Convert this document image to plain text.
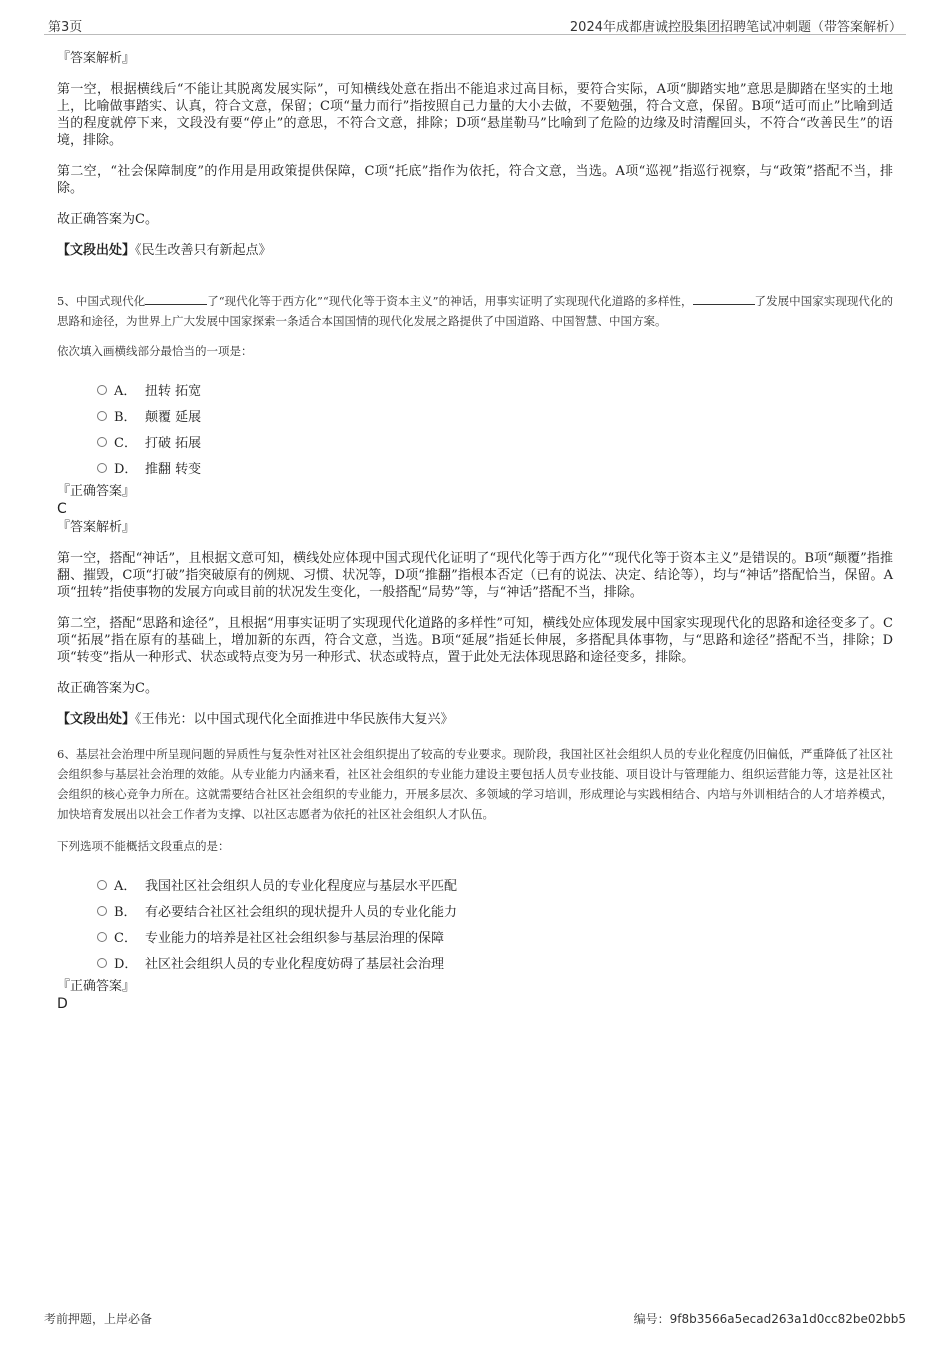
第3页	2024年成都唐诚控股集团招聘笔试冲刺题（带答案解析）

『答案解析』

第一空，根据横线后“不能让其脱离发展实际”，可知横线处意在指出不能追求过高目标，要符合实际，A项“脚踏实地”意思是脚踏在坚实的土地上，比喻做事踏实、认真，符合文意，保留；C项“量力而行”指按照自己力量的大小去做，不要勉强，符合文意，保留。B项“适可而止”比喻到适当的程度就停下来，文段没有要“停止”的意思，不符合文意，排除；D项“悬崖勒马”比喻到了危险的边缘及时清醒回头，不符合“改善民生”的语境，排除。

第二空，“社会保障制度”的作用是用政策提供保障，C项“托底”指作为依托，符合文意，当选。A项“巡视”指巡行视察，与“政策”搭配不当，排除。

故正确答案为C。

【文段出处】《民生改善只有新起点》

5、中国式现代化	了“现代化等于西方化”“现代化等于资本主义”的神话，用事实证明了实现现代化道路的多样性，	了发展中国家实现现代化的思路和途径，为世界上广大发展中国家探索一条适合本国国情的现代化发展之路提供了中国道路、中国智慧、中国方案。

依次填入画横线部分最恰当的一项是：

A． 扭转 拓宽
B． 颠覆 延展
C． 打破 拓展
D． 推翻 转变

『正确答案』

C

『答案解析』

第一空，搭配“神话”，且根据文意可知，横线处应体现中国式现代化证明了“现代化等于西方化”“现代化等于资本主义”是错误的。B项“颠覆”指推翻、摧毁，C项“打破”指突破原有的例规、习惯、状况等，D项“推翻”指根本否定（已有的说法、决定、结论等），均与“神话”搭配恰当，保留。A项“扭转”指使事物的发展方向或目前的状况发生变化，一般搭配“局势”等，与“神话”搭配不当，排除。

第二空，搭配“思路和途径”，且根据“用事实证明了实现现代化道路的多样性”可知，横线处应体现发展中国家实现现代化的思路和途径变多了。C项“拓展”指在原有的基础上，增加新的东西，符合文意，当选。B项“延展”指延长伸展，多搭配具体事物，与“思路和途径”搭配不当，排除；D项“转变”指从一种形式、状态或特点变为另一种形式、状态或特点，置于此处无法体现思路和途径变多，排除。

故正确答案为C。

【文段出处】《王伟光：以中国式现代化全面推进中华民族伟大复兴》

6、基层社会治理中所呈现问题的异质性与复杂性对社区社会组织提出了较高的专业要求。现阶段，我国社区社会组织人员的专业化程度仍旧偏低，严重降低了社区社会组织参与基层社会治理的效能。从专业能力内涵来看，社区社会组织的专业能力建设主要包括人员专业技能、项目设计与管理能力、组织运营能力等，这是社区社会组织的核心竞争力所在。这就需要结合社区社会组织的专业能力，开展多层次、多领域的学习培训，形成理论与实践相结合、内培与外训相结合的人才培养模式，加快培育发展出以社会工作者为支撑、以社区志愿者为依托的社区社会组织人才队伍。

下列选项不能概括文段重点的是：

A． 我国社区社会组织人员的专业化程度应与基层水平匹配
B． 有必要结合社区社会组织的现状提升人员的专业化能力
C． 专业能力的培养是社区社会组织参与基层治理的保障
D． 社区社会组织人员的专业化程度妨碍了基层社会治理

『正确答案』

D

考前押题，上岸必备	编号：9f8b3566a5ecad263a1d0cc82be02bb5
